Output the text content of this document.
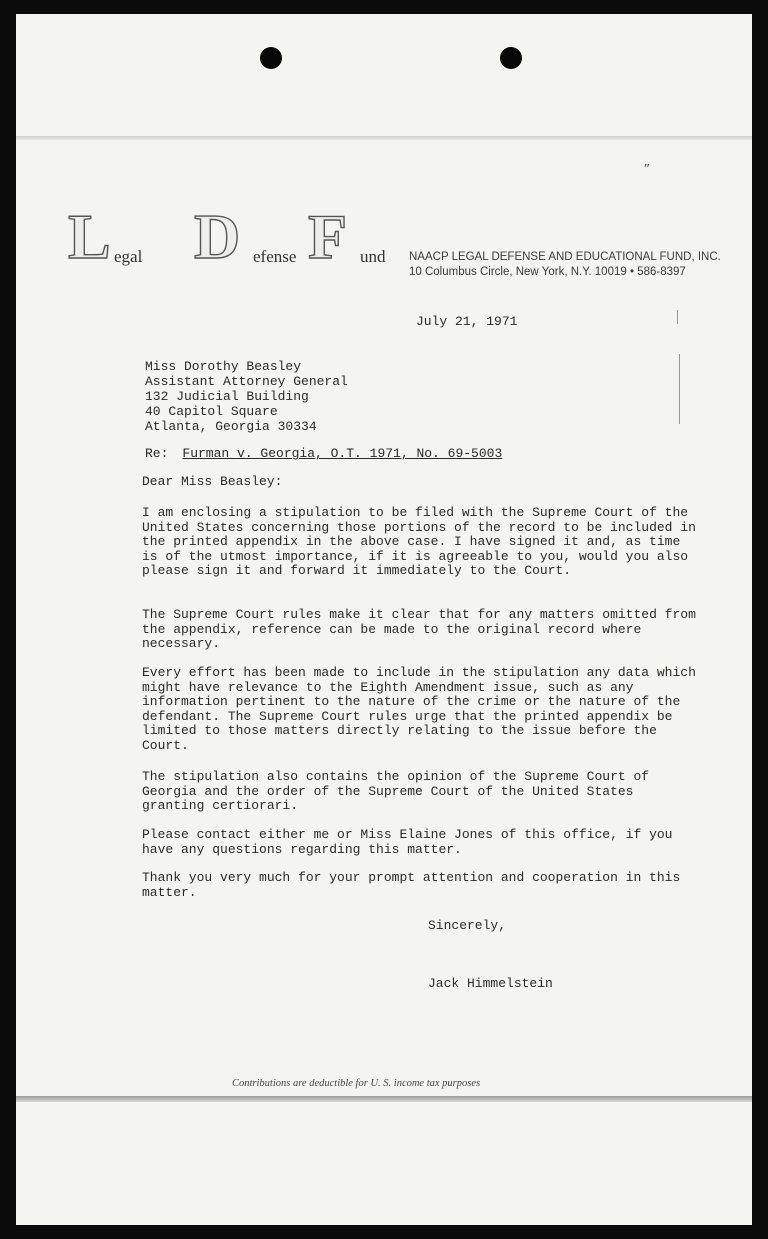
″
L egal D efense F und NAACP LEGAL DEFENSE AND EDUCATIONAL FUND, INC.
10 Columbus Circle, New York, N.Y. 10019 • 586-8397
July 21, 1971
Miss Dorothy Beasley
Assistant Attorney General
132 Judicial Building
40 Capitol Square
Atlanta, Georgia 30334
Re: Furman v. Georgia, O.T. 1971, No. 69-5003
Dear Miss Beasley:
I am enclosing a stipulation to be filed with the Supreme Court of the United States concerning those portions of the record to be included in the printed appendix in the above case. I have signed it and, as time is of the utmost importance, if it is agreeable to you, would you also please sign it and forward it immediately to the Court.
The Supreme Court rules make it clear that for any matters omitted from the appendix, reference can be made to the original record where necessary.
Every effort has been made to include in the stipulation any data which might have relevance to the Eighth Amendment issue, such as any information pertinent to the nature of the crime or the nature of the defendant. The Supreme Court rules urge that the printed appendix be limited to those matters directly relating to the issue before the Court.
The stipulation also contains the opinion of the Supreme Court of Georgia and the order of the Supreme Court of the United States granting certiorari.
Please contact either me or Miss Elaine Jones of this office, if you have any questions regarding this matter.
Thank you very much for your prompt attention and cooperation in this matter.
Sincerely,
Jack Himmelstein
Contributions are deductible for U. S. income tax purposes
